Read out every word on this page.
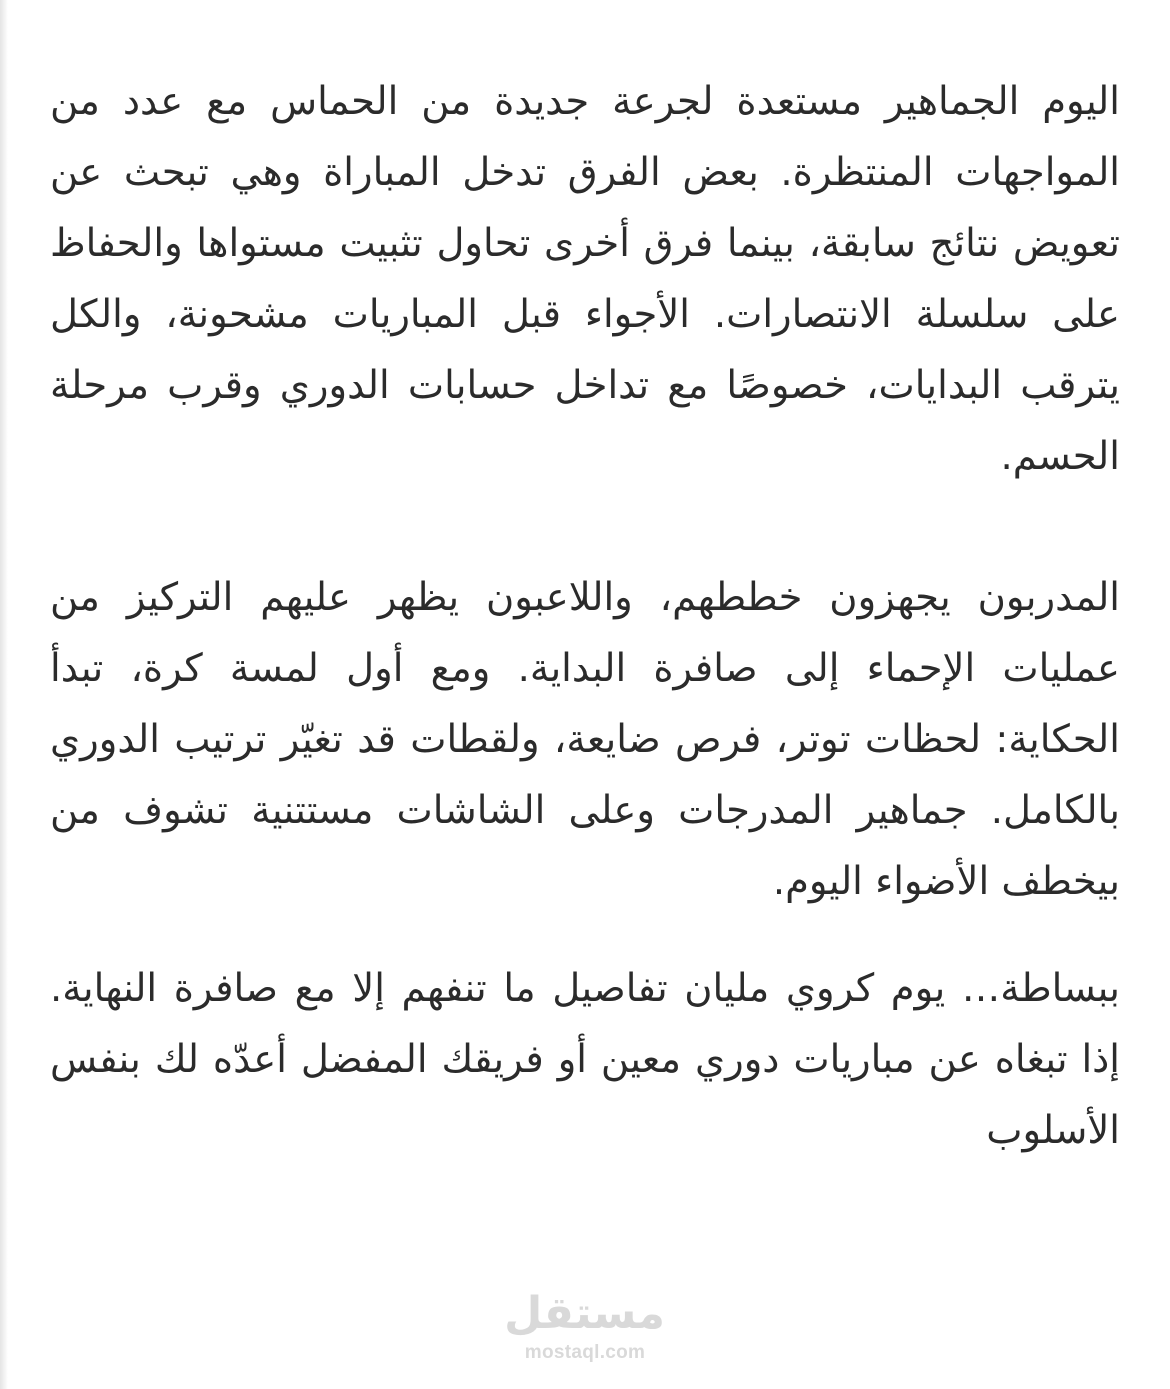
اليوم الجماهير مستعدة لجرعة جديدة من الحماس مع عدد من المواجهات المنتظرة. بعض الفرق تدخل المباراة وهي تبحث عن تعويض نتائج سابقة، بينما فرق أخرى تحاول تثبيت مستواها والحفاظ على سلسلة الانتصارات. الأجواء قبل المباريات مشحونة، والكل يترقب البدايات، خصوصًا مع تداخل حسابات الدوري وقرب مرحلة الحسم.

المدربون يجهزون خططهم، واللاعبون يظهر عليهم التركيز من عمليات الإحماء إلى صافرة البداية. ومع أول لمسة كرة، تبدأ الحكاية: لحظات توتر، فرص ضايعة، ولقطات قد تغيّر ترتيب الدوري بالكامل. جماهير المدرجات وعلى الشاشات مستتنية تشوف من بيخطف الأضواء اليوم.

ببساطة… يوم كروي مليان تفاصيل ما تنفهم إلا مع صافرة النهاية. إذا تبغاه عن مباريات دوري معين أو فريقك المفضل أعدّه لك بنفس الأسلوب

مستقل
mostaql.com
